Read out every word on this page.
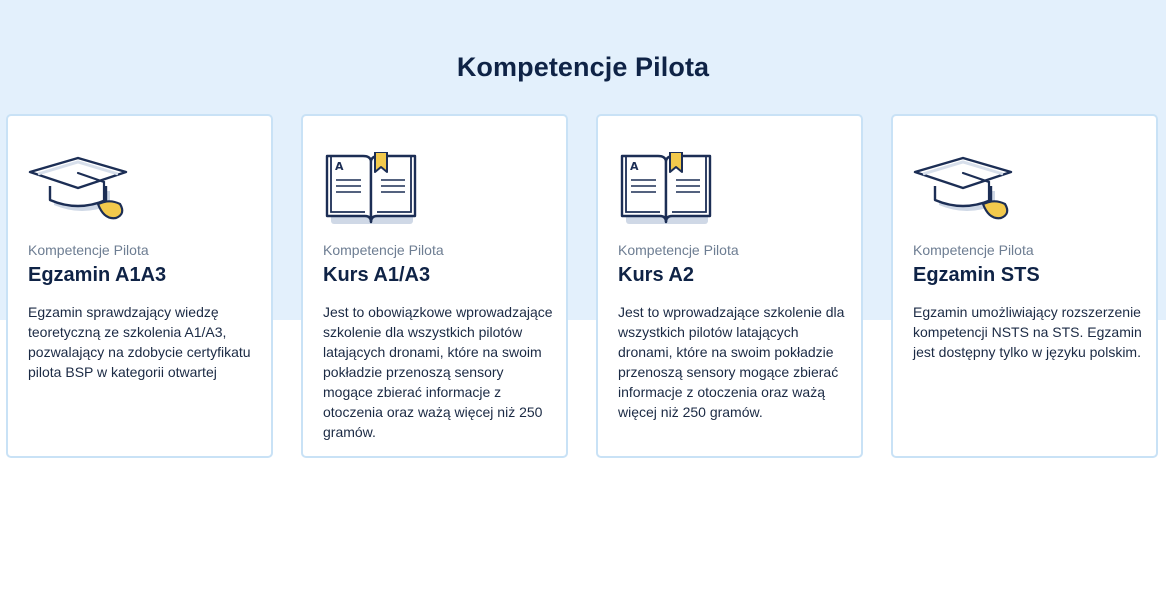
Kompetencje Pilota

Kompetencje Pilota

Egzamin A1A3

Egzamin sprawdzający wiedzę teoretyczną ze szkolenia A1/A3, pozwalający na zdobycie certyfikatu pilota BSP w kategorii otwartej

A

Kompetencje Pilota

Kurs A1/A3

Jest to obowiązkowe wprowadzające szkolenie dla wszystkich pilotów latających dronami, które na swoim pokładzie przenoszą sensory mogące zbierać informacje z otoczenia oraz ważą więcej niż 250 gramów.

A

Kompetencje Pilota

Kurs A2

Jest to wprowadzające szkolenie dla wszystkich pilotów latających dronami, które na swoim pokładzie przenoszą sensory mogące zbierać informacje z otoczenia oraz ważą więcej niż 250 gramów.

Kompetencje Pilota

Egzamin STS

Egzamin umożliwiający rozszerzenie kompetencji NSTS na STS. Egzamin jest dostępny tylko w języku polskim.
